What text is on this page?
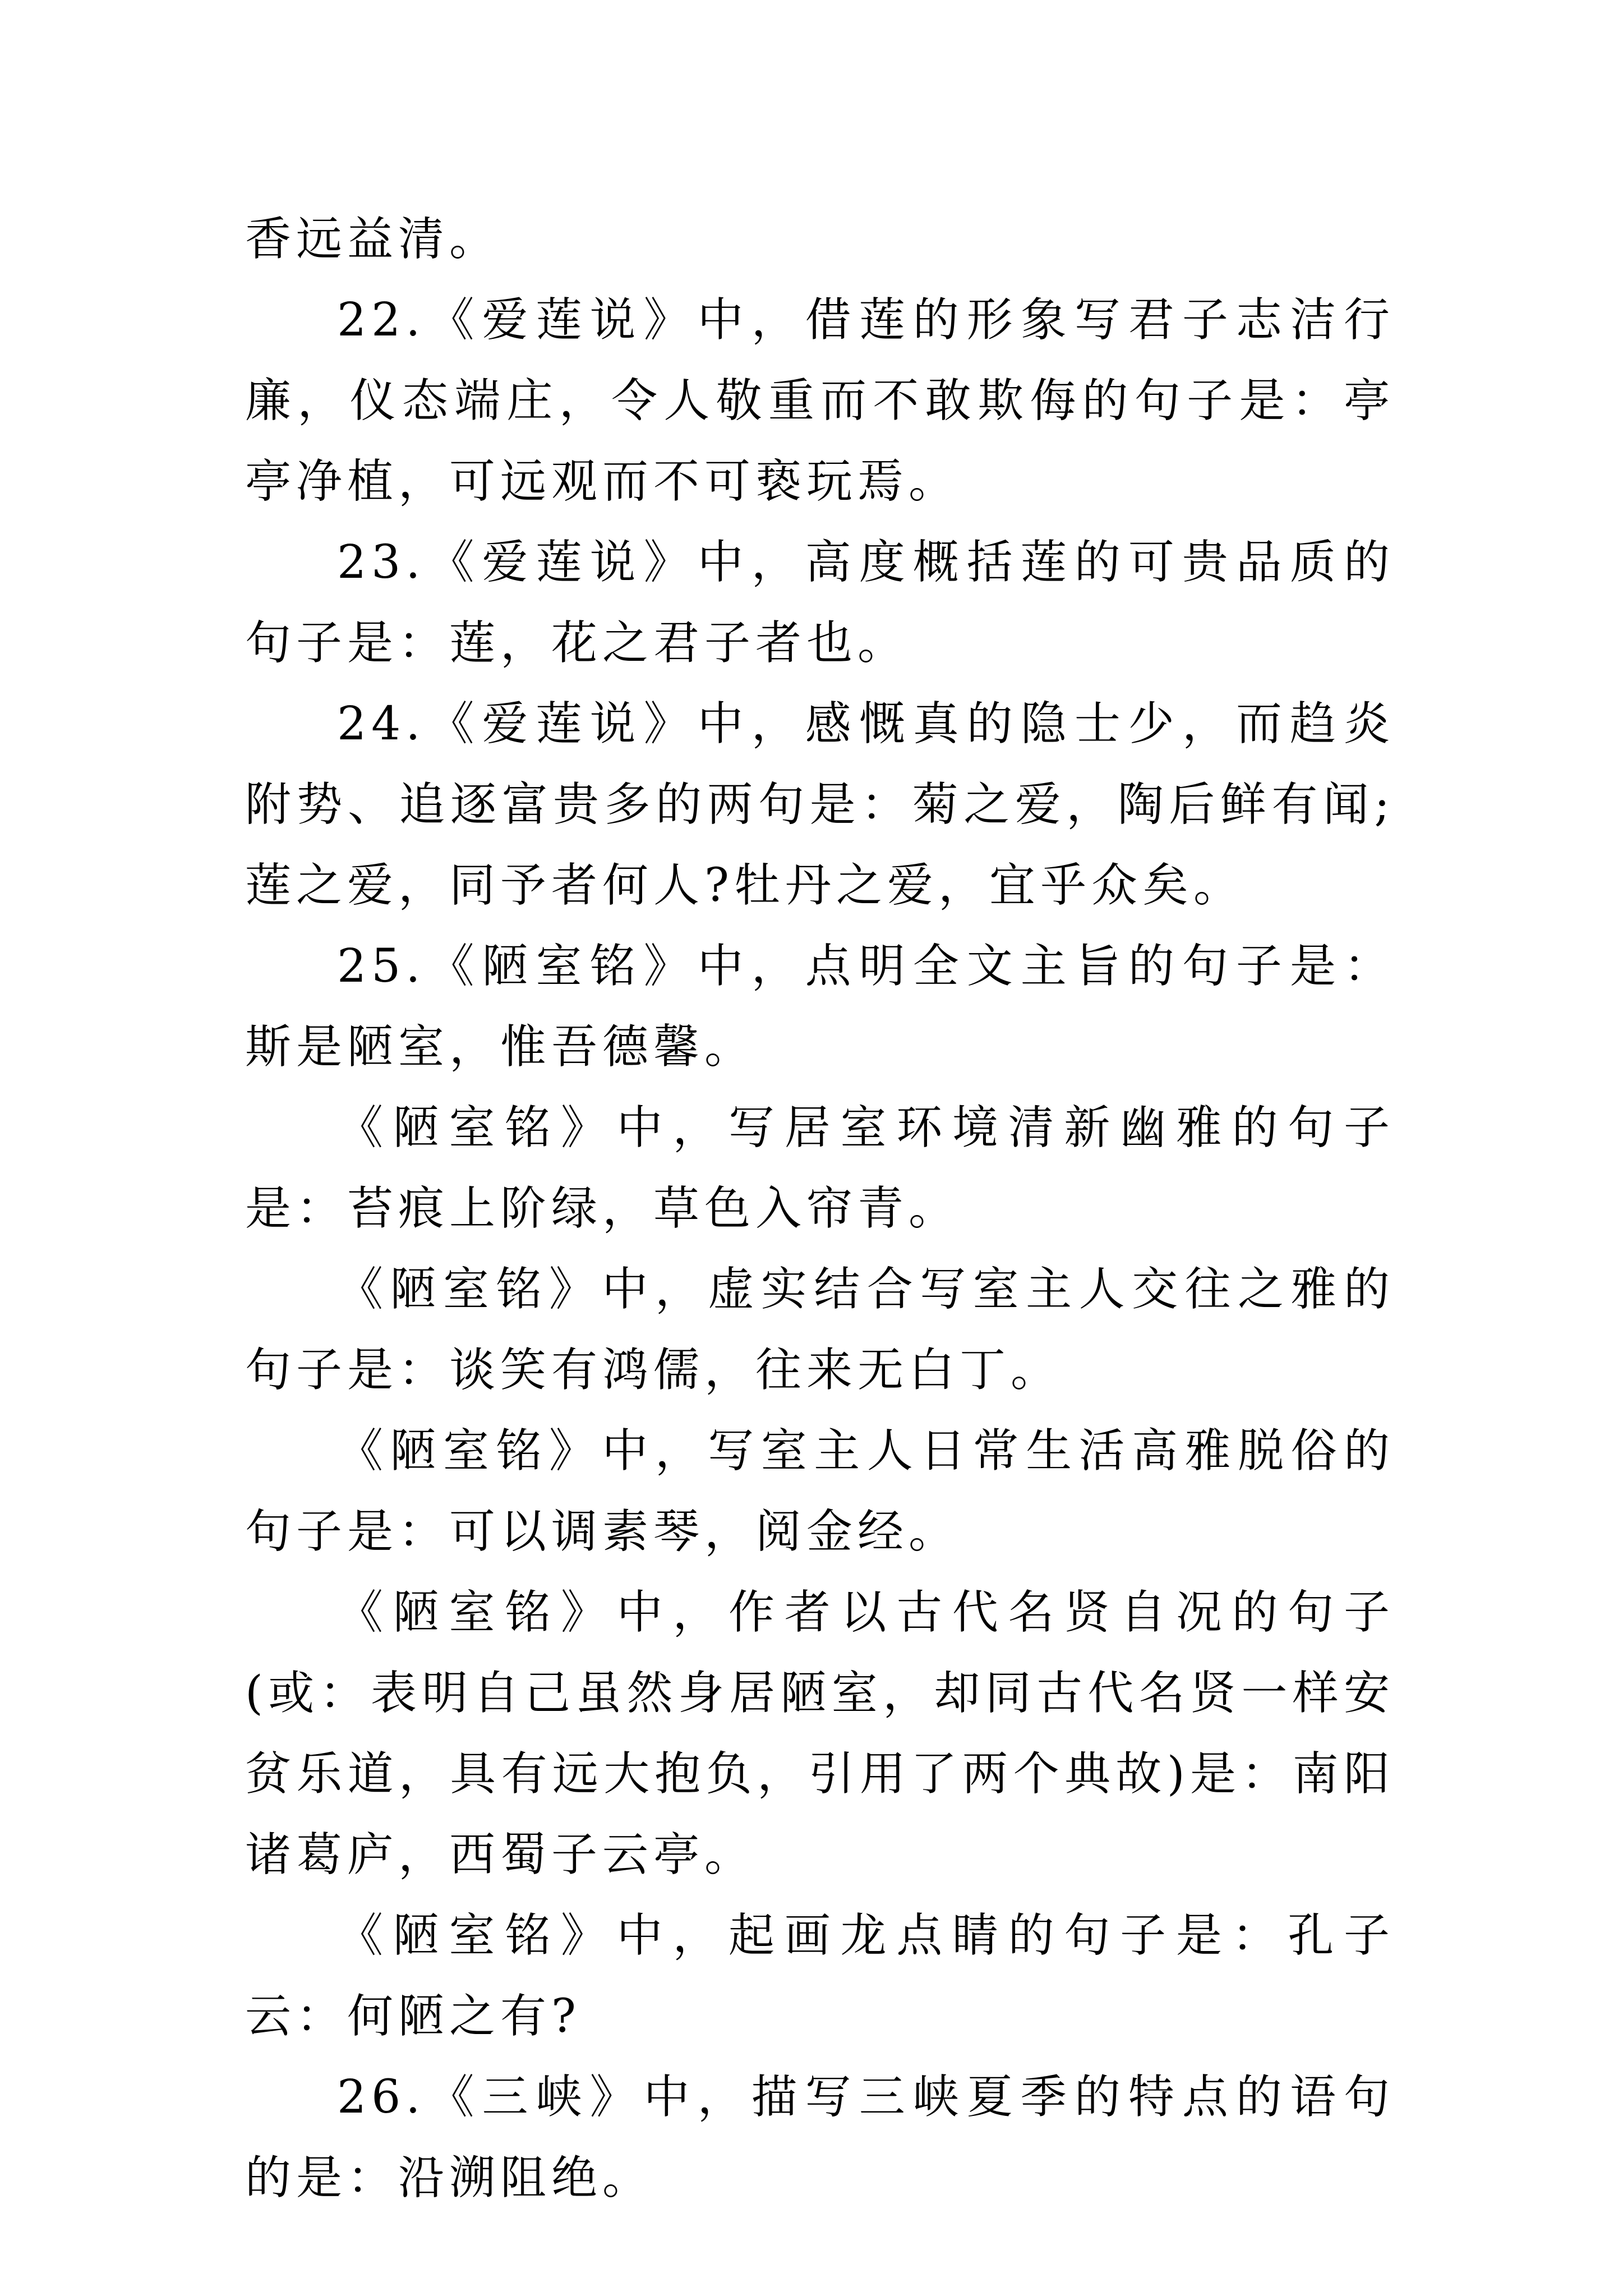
香远益清。

22.《爱莲说》中，借莲的形象写君子志洁行廉，仪态端庄，令人敬重而不敢欺侮的句子是：亭亭净植，可远观而不可亵玩焉。

23.《爱莲说》中，高度概括莲的可贵品质的句子是：莲，花之君子者也。

24.《爱莲说》中，感慨真的隐士少，而趋炎附势、追逐富贵多的两句是：菊之爱，陶后鲜有闻;莲之爱，同予者何人?牡丹之爱，宜乎众矣。

25.《陋室铭》中，点明全文主旨的句子是：斯是陋室，惟吾德馨。

《陋室铭》中，写居室环境清新幽雅的句子是：苔痕上阶绿，草色入帘青。

《陋室铭》中，虚实结合写室主人交往之雅的句子是：谈笑有鸿儒，往来无白丁。

《陋室铭》中，写室主人日常生活高雅脱俗的句子是：可以调素琴，阅金经。

《陋室铭》中，作者以古代名贤自况的句子(或：表明自己虽然身居陋室，却同古代名贤一样安贫乐道，具有远大抱负，引用了两个典故)是：南阳诸葛庐，西蜀子云亭。

《陋室铭》中，起画龙点睛的句子是：孔子云：何陋之有?

26.《三峡》中，描写三峡夏季的特点的语句的是：沿溯阻绝。
